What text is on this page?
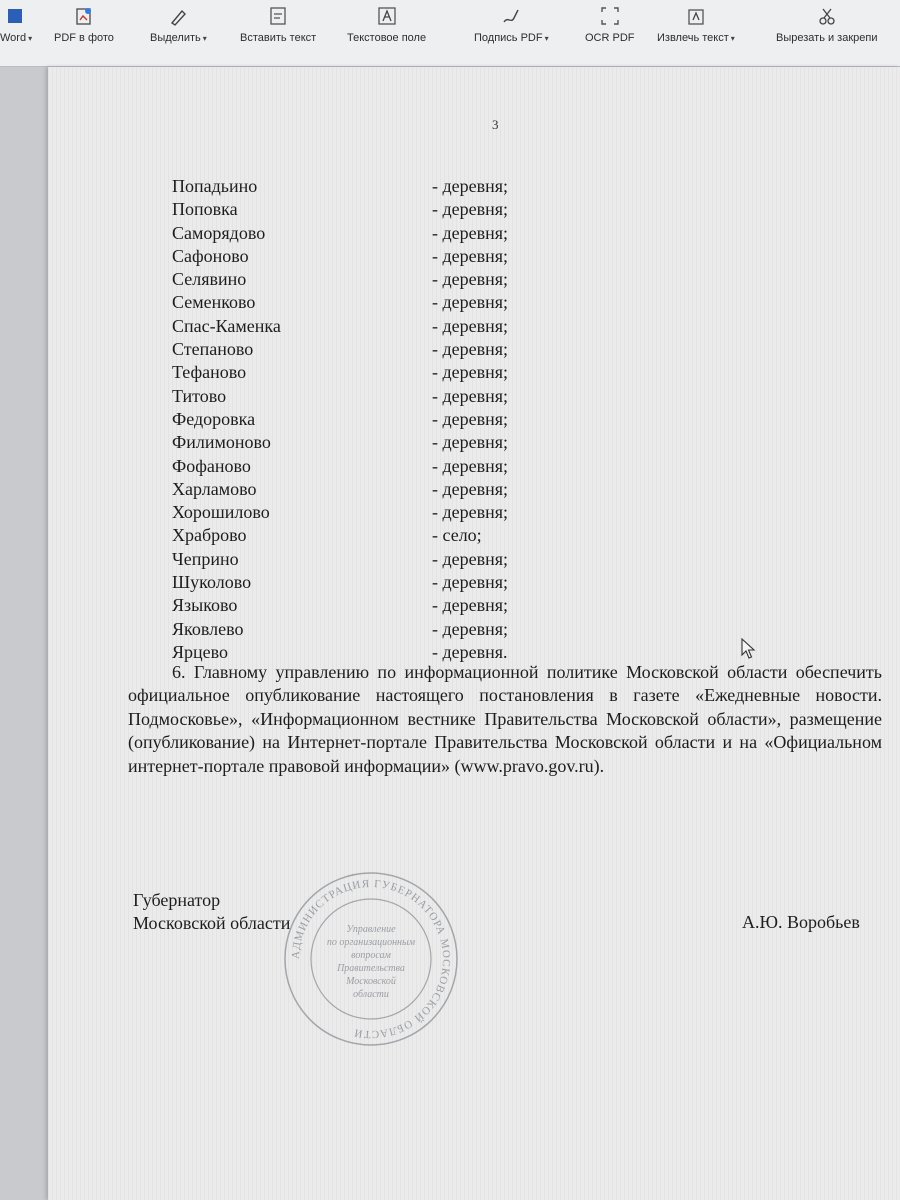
Word ▾ PDF в фото	Выделить ▾	Вставить текст	Текстовое поле	Подпись PDF ▾	OCR PDF Извлечь текст ▾	Вырезать и закрепи
3
Попадьино	- деревня;
Поповка	- деревня;
Саморядово	- деревня;
Сафоново	- деревня;
Селявино	- деревня;
Семенково	- деревня;
Спас-Каменка	- деревня;
Степаново	- деревня;
Тефаново	- деревня;
Титово	- деревня;
Федоровка	- деревня;
Филимоново	- деревня;
Фофаново	- деревня;
Харламово	- деревня;
Хорошилово	- деревня;
Храброво	- село;
Чеприно	- деревня;
Шуколово	- деревня;
Языково	- деревня;
Яковлево	- деревня;
Ярцево	- деревня.
6. Главному управлению по информационной политике Московской области обеспечить официальное опубликование настоящего постановления в газете «Ежедневные новости. Подмосковье», «Информационном вестнике Правительства Московской области», размещение (опубликование) на Интернет-портале Правительства Московской области и на «Официальном интернет-портале правовой информации» (www.pravo.gov.ru).
АДМИНИСТРАЦИЯ ГУБЕРНАТОРА МОСКОВСКОЙ ОБЛАСТИ
Управление
по организационным
вопросам
Правительства
Московской
области
Губернатор
Московской области	А.Ю. Воробьев
